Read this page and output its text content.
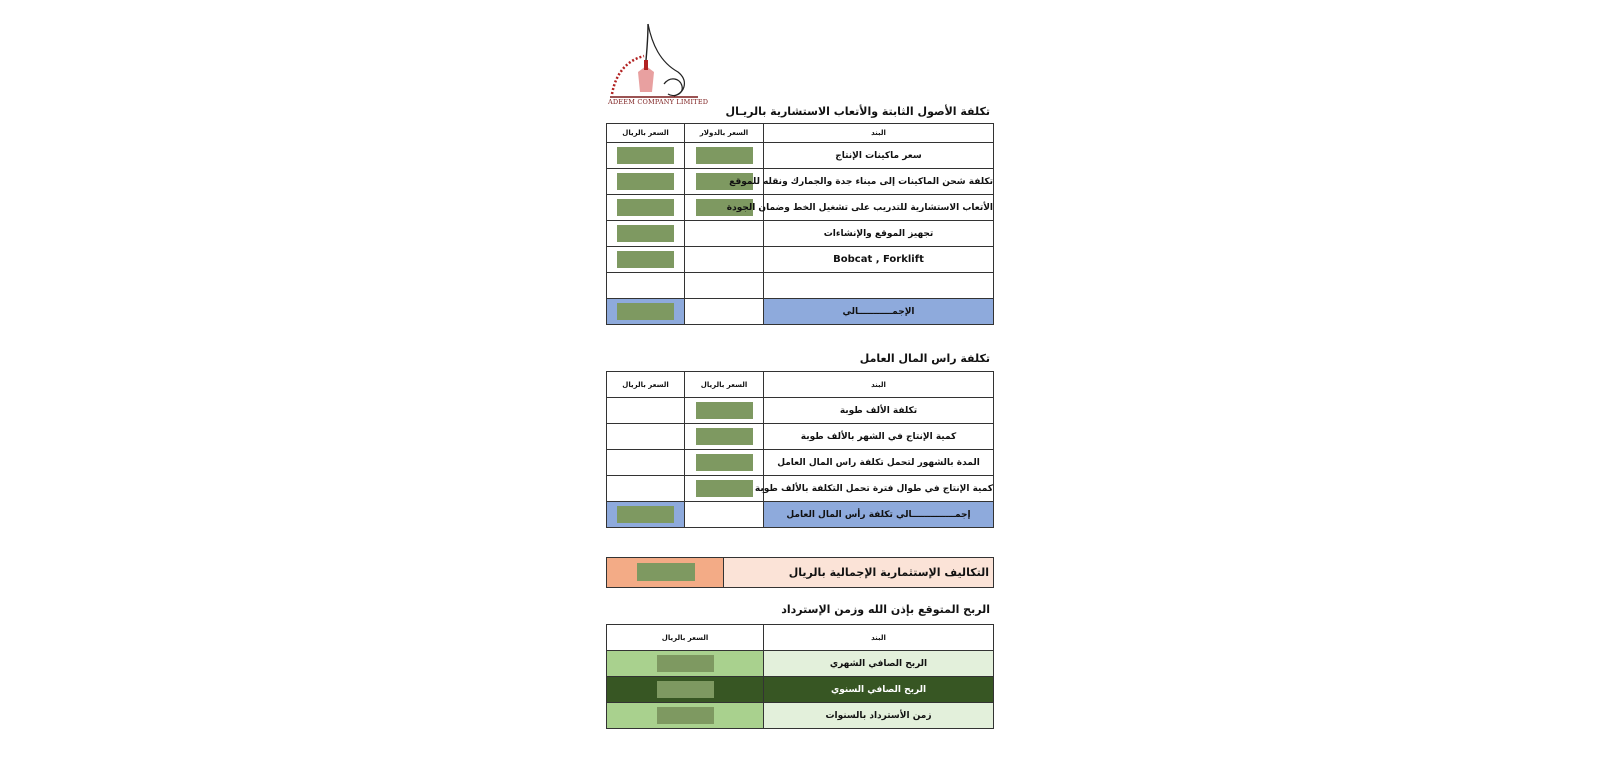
ADEEM COMPANY LIMITED
تكلفة الأصول الثابتة والأتعاب الاستشارية بالريـال
السعر بالريال	السعر بالدولار	البند
		سعر ماكينات الإنتاج
		تكلفة شحن الماكينات إلى ميناء جدة والجمارك ونقله للموقع
		الأتعاب الاستشارية للتدريب على تشغيل الخط وضمان الجودة
		تجهيز الموقع والإنشاءات
		Bobcat , Forklift

		الإجمـــــــــــالي
تكلفة راس المال العامل
السعر بالريال	السعر بالريال	البند
		تكلفة الألف طوبة
		كمية الإنتاج في الشهر بالألف طوبة
		المدة بالشهور لتحمل تكلفة راس المال العامل
		كمية الإنتاج في طوال فترة تحمل التكلفة بالألف طوبة
		إجمــــــــــــــالي تكلفة رأس المال العامل
التكاليف الإستثمارية الإجمالية بالريال
الربح المتوقع بإذن الله وزمن الإسترداد
السعر بالريال	البند
	الربح الصافي الشهري
	الربح الصافي السنوي
	زمن الأسترداد بالسنوات
